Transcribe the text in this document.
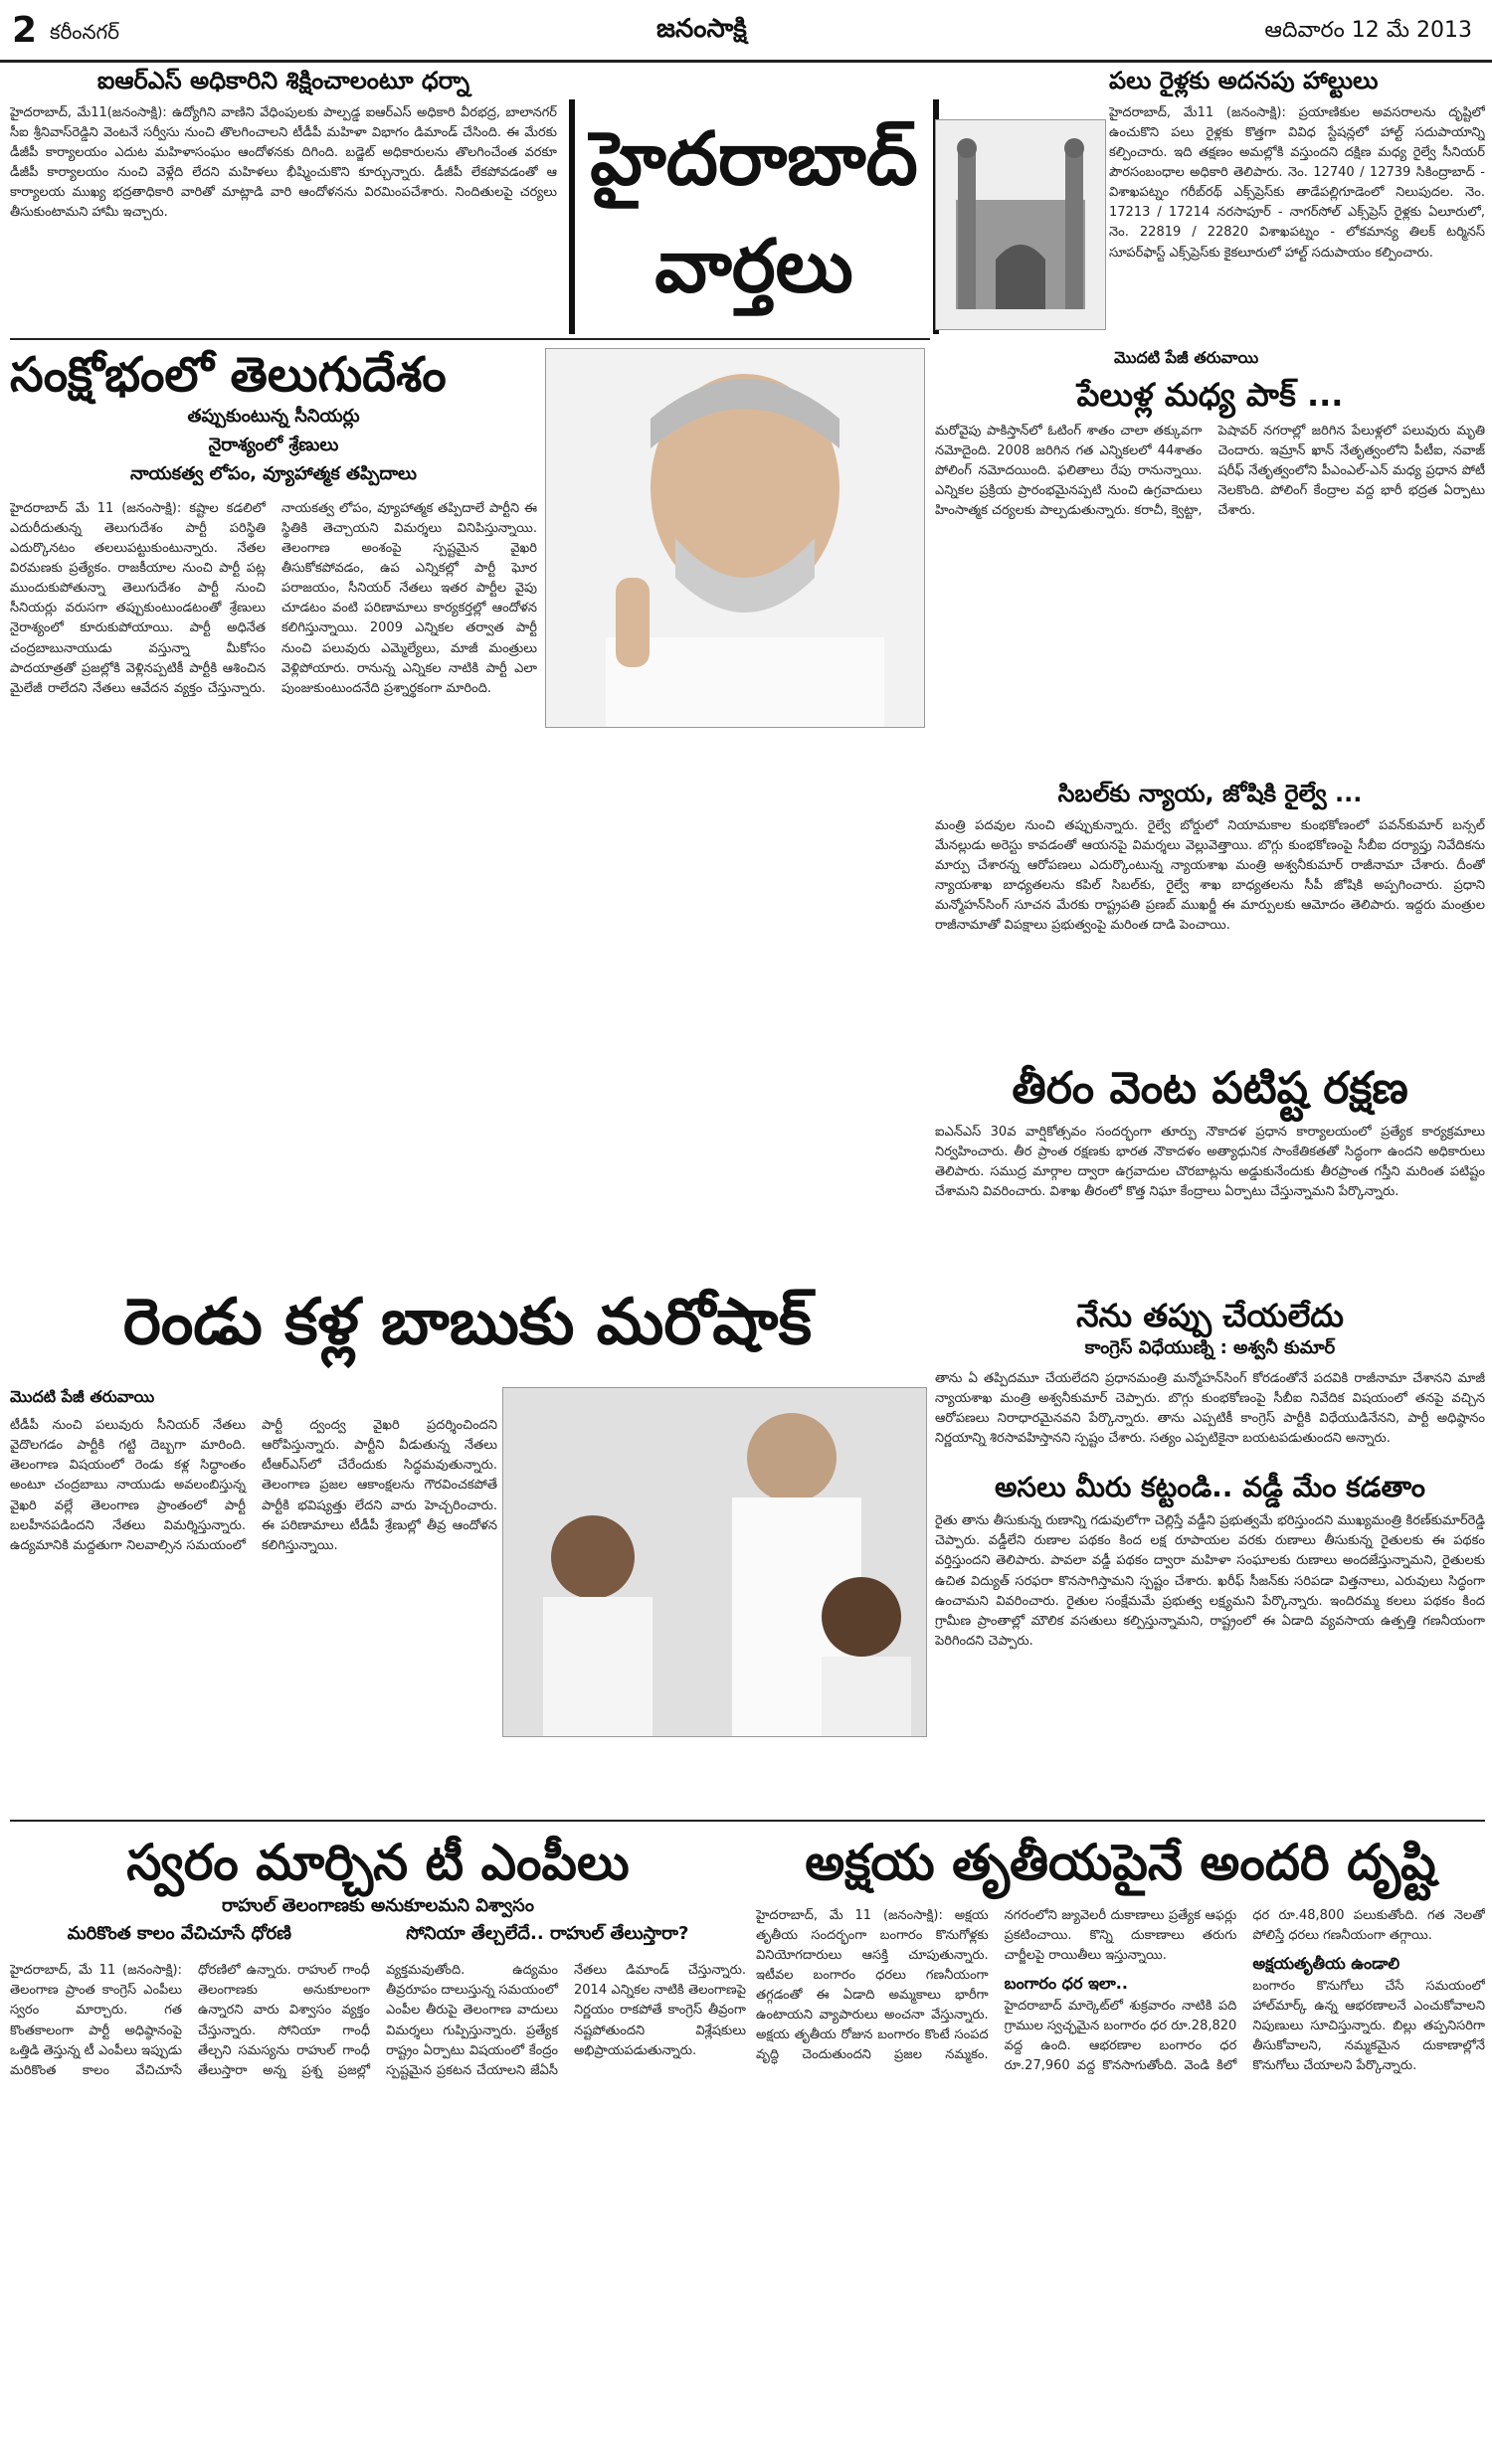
2 కరీంనగర్	జనంసాక్షి	ఆదివారం 12 మే 2013
ఐఆర్ఎస్ అధికారిని శిక్షించాలంటూ ధర్నా
హైదరాబాద్, మే11(జనంసాక్షి): ఉద్యోగిని వాణిని వేధింపులకు పాల్పడ్డ ఐఆర్ఎస్ అధికారి వీరభద్ర, బాలానగర్ సీఐ శ్రీనివాస్‌రెడ్డిని వెంటనే సర్వీసు నుంచి తొలగించాలని టీడీపీ మహిళా విభాగం డిమాండ్ చేసింది. ఈ మేరకు డీజీపీ కార్యాలయం ఎదుట మహిళాసంఘం ఆందోళనకు దిగింది. బడ్జెట్ అధికారులను తొలగించేంత వరకూ డీజీపీ కార్యాలయం నుంచి వెళ్లేది లేదని మహిళలు భీష్మించుకొని కూర్చున్నారు. డీజీపీ లేకపోవడంతో ఆ కార్యాలయ ముఖ్య భద్రతాధికారి వారితో మాట్లాడి వారి ఆందోళనను విరమింపచేశారు. నిందితులపై చర్యలు తీసుకుంటామని హామీ ఇచ్చారు.
హైదరాబాద్ వార్తలు
పలు రైళ్లకు అదనపు హాల్టులు
హైదరాబాద్, మే11 (జనంసాక్షి): ప్రయాణికుల అవసరాలను దృష్టిలో ఉంచుకొని పలు రైళ్లకు కొత్తగా వివిధ స్టేషన్లలో హాల్ట్ సదుపాయాన్ని కల్పించారు. ఇది తక్షణం అమల్లోకి వస్తుందని దక్షిణ మధ్య రైల్వే సీనియర్ పౌరసంబంధాల అధికారి తెలిపారు. నెం. 12740 / 12739 సికింద్రాబాద్ - విశాఖపట్నం గరీబ్‌రథ్ ఎక్స్‌ప్రెస్‌కు తాడేపల్లిగూడెంలో నిలుపుదల. నెం. 17213 / 17214 నరసాపూర్ - నాగర్‌సోల్ ఎక్స్‌ప్రెస్ రైళ్లకు ఏలూరులో, నెం. 22819 / 22820 విశాఖపట్నం - లోకమాన్య తిలక్ టర్మినస్ సూపర్‌ఫాస్ట్ ఎక్స్‌ప్రెస్‌కు కైకలూరులో హాల్ట్ సదుపాయం కల్పించారు.
సంక్షోభంలో తెలుగుదేశం
తప్పుకుంటున్న సీనియర్లు
నైరాశ్యంలో శ్రేణులు
నాయకత్వ లోపం, వ్యూహాత్మక తప్పిదాలు
హైదరాబాద్ మే 11 (జనంసాక్షి): కష్టాల కడలిలో ఎదురీదుతున్న తెలుగుదేశం పార్టీ పరిస్థితి ఎదుర్కొనటం తలలుపట్టుకుంటున్నారు. నేతల విరమణకు ప్రత్యేకం. రాజకీయాల నుంచి పార్టీ పట్ల ముందుకుపోతున్నా తెలుగుదేశం పార్టీ నుంచి సీనియర్లు వరుసగా తప్పుకుంటుండటంతో శ్రేణులు నైరాశ్యంలో కూరుకుపోయాయి. పార్టీ అధినేత చంద్రబాబునాయుడు వస్తున్నా మీకోసం పాదయాత్రతో ప్రజల్లోకి వెళ్లినప్పటికీ పార్టీకి ఆశించిన మైలేజీ రాలేదని నేతలు ఆవేదన వ్యక్తం చేస్తున్నారు. నాయకత్వ లోపం, వ్యూహాత్మక తప్పిదాలే పార్టీని ఈ స్థితికి తెచ్చాయని విమర్శలు వినిపిస్తున్నాయి. తెలంగాణ అంశంపై స్పష్టమైన వైఖరి తీసుకోకపోవడం, ఉప ఎన్నికల్లో పార్టీ ఘోర పరాజయం, సీనియర్ నేతలు ఇతర పార్టీల వైపు చూడటం వంటి పరిణామాలు కార్యకర్తల్లో ఆందోళన కలిగిస్తున్నాయి. 2009 ఎన్నికల తర్వాత పార్టీ నుంచి పలువురు ఎమ్మెల్యేలు, మాజీ మంత్రులు వెళ్లిపోయారు. రానున్న ఎన్నికల నాటికి పార్టీ ఎలా పుంజుకుంటుందనేది ప్రశ్నార్థకంగా మారింది.
మొదటి పేజీ తరువాయి
పేలుళ్ల మధ్య పాక్ ...
మరోవైపు పాకిస్తాన్‌లో ఓటింగ్ శాతం చాలా తక్కువగా నమోదైంది. 2008 జరిగిన గత ఎన్నికలలో 44శాతం పోలింగ్ నమోదయింది. ఫలితాలు రేపు రానున్నాయి. ఎన్నికల ప్రక్రియ ప్రారంభమైనప్పటి నుంచి ఉగ్రవాదులు హింసాత్మక చర్యలకు పాల్పడుతున్నారు. కరాచీ, క్వెట్టా, పెషావర్ నగరాల్లో జరిగిన పేలుళ్లలో పలువురు మృతి చెందారు. ఇమ్రాన్ ఖాన్ నేతృత్వంలోని పీటీఐ, నవాజ్ షరీఫ్ నేతృత్వంలోని పీఎంఎల్-ఎన్ మధ్య ప్రధాన పోటీ నెలకొంది. పోలింగ్ కేంద్రాల వద్ద భారీ భద్రత ఏర్పాటు చేశారు.
సిబల్‌కు న్యాయ, జోషికి రైల్వే ...
మంత్రి పదవుల నుంచి తప్పుకున్నారు. రైల్వే బోర్డులో నియామకాల కుంభకోణంలో పవన్‌కుమార్ బన్సల్ మేనల్లుడు అరెస్టు కావడంతో ఆయనపై విమర్శలు వెల్లువెత్తాయి. బొగ్గు కుంభకోణంపై సీబీఐ దర్యాప్తు నివేదికను మార్పు చేశారన్న ఆరోపణలు ఎదుర్కొంటున్న న్యాయశాఖ మంత్రి అశ్వనీకుమార్ రాజీనామా చేశారు. దీంతో న్యాయశాఖ బాధ్యతలను కపిల్ సిబల్‌కు, రైల్వే శాఖ బాధ్యతలను సీపీ జోషికి అప్పగించారు. ప్రధాని మన్మోహన్‌సింగ్ సూచన మేరకు రాష్ట్రపతి ప్రణబ్ ముఖర్జీ ఈ మార్పులకు ఆమోదం తెలిపారు. ఇద్దరు మంత్రుల రాజీనామాతో విపక్షాలు ప్రభుత్వంపై మరింత దాడి పెంచాయి.
తీరం వెంట పటిష్ట రక్షణ
ఐఎన్ఎస్ 30వ వార్షికోత్సవం సందర్భంగా తూర్పు నౌకాదళ ప్రధాన కార్యాలయంలో ప్రత్యేక కార్యక్రమాలు నిర్వహించారు. తీర ప్రాంత రక్షణకు భారత నౌకాదళం అత్యాధునిక సాంకేతికతతో సిద్ధంగా ఉందని అధికారులు తెలిపారు. సముద్ర మార్గాల ద్వారా ఉగ్రవాదుల చొరబాట్లను అడ్డుకునేందుకు తీరప్రాంత గస్తీని మరింత పటిష్టం చేశామని వివరించారు. విశాఖ తీరంలో కొత్త నిఘా కేంద్రాలు ఏర్పాటు చేస్తున్నామని పేర్కొన్నారు.
రెండు కళ్ల బాబుకు మరోషాక్
మొదటి పేజీ తరువాయి
టీడీపీ నుంచి పలువురు సీనియర్ నేతలు వైదొలగడం పార్టీకి గట్టి దెబ్బగా మారింది. తెలంగాణ విషయంలో రెండు కళ్ల సిద్ధాంతం అంటూ చంద్రబాబు నాయుడు అవలంబిస్తున్న వైఖరి వల్లే తెలంగాణ ప్రాంతంలో పార్టీ బలహీనపడిందని నేతలు విమర్శిస్తున్నారు. ఉద్యమానికి మద్దతుగా నిలవాల్సిన సమయంలో పార్టీ ద్వంద్వ వైఖరి ప్రదర్శించిందని ఆరోపిస్తున్నారు. పార్టీని వీడుతున్న నేతలు టీఆర్ఎస్‌లో చేరేందుకు సిద్ధమవుతున్నారు. తెలంగాణ ప్రజల ఆకాంక్షలను గౌరవించకపోతే పార్టీకి భవిష్యత్తు లేదని వారు హెచ్చరించారు. ఈ పరిణామాలు టీడీపీ శ్రేణుల్లో తీవ్ర ఆందోళన కలిగిస్తున్నాయి.
నేను తప్పు చేయలేదు
కాంగ్రెస్ విధేయుణ్ని : అశ్వనీ కుమార్
తాను ఏ తప్పిదమూ చేయలేదని ప్రధానమంత్రి మన్మోహన్‌సింగ్ కోరడంతోనే పదవికి రాజీనామా చేశానని మాజీ న్యాయశాఖ మంత్రి అశ్వనీకుమార్ చెప్పారు. బొగ్గు కుంభకోణంపై సీబీఐ నివేదిక విషయంలో తనపై వచ్చిన ఆరోపణలు నిరాధారమైనవని పేర్కొన్నారు. తాను ఎప్పటికీ కాంగ్రెస్ పార్టీకి విధేయుడినేనని, పార్టీ అధిష్ఠానం నిర్ణయాన్ని శిరసావహిస్తానని స్పష్టం చేశారు. సత్యం ఎప్పటికైనా బయటపడుతుందని అన్నారు.
అసలు మీరు కట్టండి.. వడ్డీ మేం కడతాం
రైతు తాను తీసుకున్న రుణాన్ని గడువులోగా చెల్లిస్తే వడ్డీని ప్రభుత్వమే భరిస్తుందని ముఖ్యమంత్రి కిరణ్‌కుమార్‌రెడ్డి చెప్పారు. వడ్డీలేని రుణాల పథకం కింద లక్ష రూపాయల వరకు రుణాలు తీసుకున్న రైతులకు ఈ పథకం వర్తిస్తుందని తెలిపారు. పావలా వడ్డీ పథకం ద్వారా మహిళా సంఘాలకు రుణాలు అందజేస్తున్నామని, రైతులకు ఉచిత విద్యుత్ సరఫరా కొనసాగిస్తామని స్పష్టం చేశారు. ఖరీఫ్ సీజన్‌కు సరిపడా విత్తనాలు, ఎరువులు సిద్ధంగా ఉంచామని వివరించారు. రైతుల సంక్షేమమే ప్రభుత్వ లక్ష్యమని పేర్కొన్నారు. ఇందిరమ్మ కలలు పథకం కింద గ్రామీణ ప్రాంతాల్లో మౌలిక వసతులు కల్పిస్తున్నామని, రాష్ట్రంలో ఈ ఏడాది వ్యవసాయ ఉత్పత్తి గణనీయంగా పెరిగిందని చెప్పారు.
స్వరం మార్చిన టీ ఎంపీలు
రాహుల్ తెలంగాణకు అనుకూలమని విశ్వాసం
మరికొంత కాలం వేచిచూసే ధోరణి	సోనియా తేల్చలేదే.. రాహుల్ తేలుస్తారా?
హైదరాబాద్, మే 11 (జనంసాక్షి): తెలంగాణ ప్రాంత కాంగ్రెస్ ఎంపీలు స్వరం మార్చారు. గత కొంతకాలంగా పార్టీ అధిష్ఠానంపై ఒత్తిడి తెస్తున్న టీ ఎంపీలు ఇప్పుడు మరికొంత కాలం వేచిచూసే ధోరణిలో ఉన్నారు. రాహుల్ గాంధీ తెలంగాణకు అనుకూలంగా ఉన్నారని వారు విశ్వాసం వ్యక్తం చేస్తున్నారు. సోనియా గాంధీ తేల్చని సమస్యను రాహుల్ గాంధీ తేలుస్తారా అన్న ప్రశ్న ప్రజల్లో వ్యక్తమవుతోంది. ఉద్యమం తీవ్రరూపం దాలుస్తున్న సమయంలో ఎంపీల తీరుపై తెలంగాణ వాదులు విమర్శలు గుప్పిస్తున్నారు. ప్రత్యేక రాష్ట్రం ఏర్పాటు విషయంలో కేంద్రం స్పష్టమైన ప్రకటన చేయాలని జేఏసీ నేతలు డిమాండ్ చేస్తున్నారు. 2014 ఎన్నికల నాటికి తెలంగాణపై నిర్ణయం రాకపోతే కాంగ్రెస్ తీవ్రంగా నష్టపోతుందని విశ్లేషకులు అభిప్రాయపడుతున్నారు.
అక్షయ తృతీయపైనే అందరి దృష్టి
హైదరాబాద్, మే 11 (జనంసాక్షి): అక్షయ తృతీయ సందర్భంగా బంగారం కొనుగోళ్లకు వినియోగదారులు ఆసక్తి చూపుతున్నారు. ఇటీవల బంగారం ధరలు గణనీయంగా తగ్గడంతో ఈ ఏడాది అమ్మకాలు భారీగా ఉంటాయని వ్యాపారులు అంచనా వేస్తున్నారు. అక్షయ తృతీయ రోజున బంగారం కొంటే సంపద వృద్ధి చెందుతుందని ప్రజల నమ్మకం. నగరంలోని జ్యువెలరీ దుకాణాలు ప్రత్యేక ఆఫర్లు ప్రకటించాయి. కొన్ని దుకాణాలు తరుగు చార్జీలపై రాయితీలు ఇస్తున్నాయి.
బంగారం ధర ఇలా..
హైదరాబాద్ మార్కెట్‌లో శుక్రవారం నాటికి పది గ్రాముల స్వచ్ఛమైన బంగారం ధర రూ.28,820 వద్ద ఉంది. ఆభరణాల బంగారం ధర రూ.27,960 వద్ద కొనసాగుతోంది. వెండి కిలో ధర రూ.48,800 పలుకుతోంది. గత నెలతో పోలిస్తే ధరలు గణనీయంగా తగ్గాయి.
అక్షయతృతీయ ఉండాలి
బంగారం కొనుగోలు చేసే సమయంలో హాల్‌మార్క్ ఉన్న ఆభరణాలనే ఎంచుకోవాలని నిపుణులు సూచిస్తున్నారు. బిల్లు తప్పనిసరిగా తీసుకోవాలని, నమ్మకమైన దుకాణాల్లోనే కొనుగోలు చేయాలని పేర్కొన్నారు.
